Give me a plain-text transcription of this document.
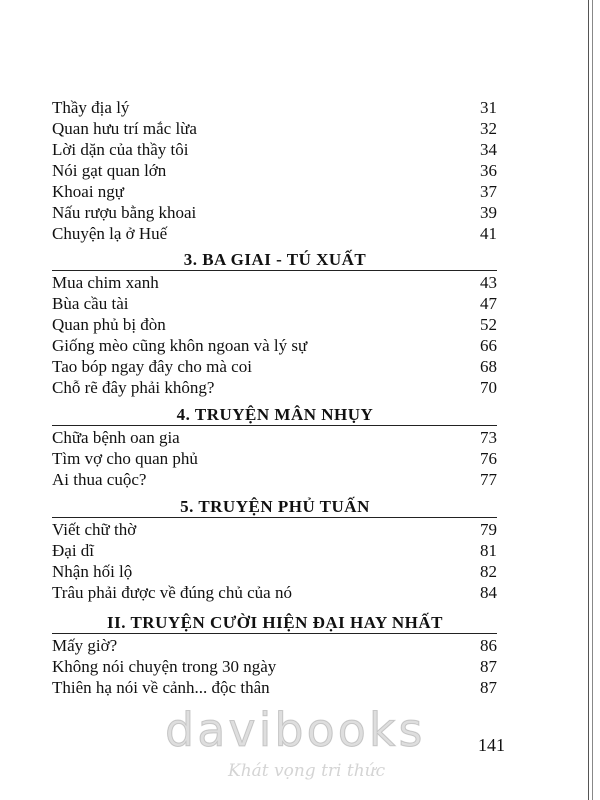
Thầy địa lý	31
Quan hưu trí mắc lừa	32
Lời dặn của thầy tôi	34
Nói gạt quan lớn	36
Khoai ngự	37
Nấu rượu bằng khoai	39
Chuyện lạ ở Huế	41
3. BA GIAI - TÚ XUẤT
Mua chim xanh	43
Bùa cầu tài	47
Quan phủ bị đòn	52
Giống mèo cũng khôn ngoan và lý sự	66
Tao bóp ngay đây cho mà coi	68
Chỗ rẽ đây phải không?	70
4. TRUYỆN MÂN NHỤY
Chữa bệnh oan gia	73
Tìm vợ cho quan phủ	76
Ai thua cuộc?	77
5. TRUYỆN PHỦ TUẤN
Viết chữ thờ	79
Đại dĩ	81
Nhận hối lộ	82
Trâu phải được về đúng chủ của nó	84
II. TRUYỆN CƯỜI HIỆN ĐẠI HAY NHẤT
Mấy giờ?	86
Không nói chuyện trong 30 ngày	87
Thiên hạ nói về cảnh... độc thân	87
davibooks
Khát vọng tri thức
141
